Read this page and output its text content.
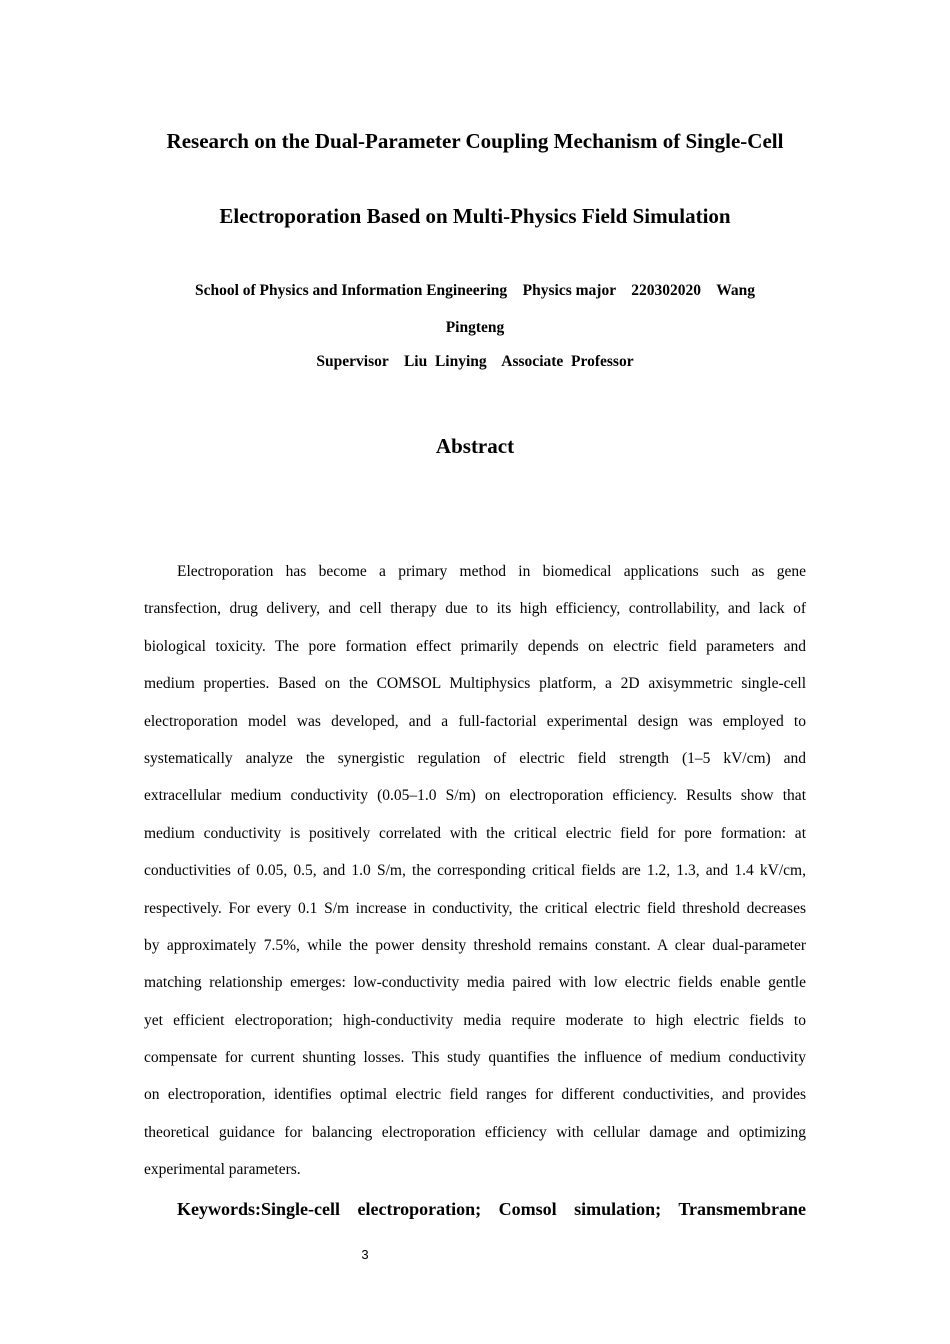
Research on the Dual-Parameter Coupling Mechanism of Single-Cell
Electroporation Based on Multi-Physics Field Simulation
School of Physics and Information Engineering    Physics major    220302020    Wang
Pingteng
Supervisor    Liu  Linying    Associate  Professor
Abstract
Electroporation has become a primary method in biomedical applications such as gene
transfection, drug delivery, and cell therapy due to its high efficiency, controllability, and lack of
biological toxicity. The pore formation effect primarily depends on electric field parameters and
medium properties. Based on the COMSOL Multiphysics platform, a 2D axisymmetric single-cell
electroporation model was developed, and a full-factorial experimental design was employed to
systematically analyze the synergistic regulation of electric field strength (1–5 kV/cm) and
extracellular medium conductivity (0.05–1.0 S/m) on electroporation efficiency. Results show that
medium conductivity is positively correlated with the critical electric field for pore formation: at
conductivities of 0.05, 0.5, and 1.0 S/m, the corresponding critical fields are 1.2, 1.3, and 1.4 kV/cm,
respectively. For every 0.1 S/m increase in conductivity, the critical electric field threshold decreases
by approximately 7.5%, while the power density threshold remains constant. A clear dual-parameter
matching relationship emerges: low-conductivity media paired with low electric fields enable gentle
yet efficient electroporation; high-conductivity media require moderate to high electric fields to
compensate for current shunting losses. This study quantifies the influence of medium conductivity
on electroporation, identifies optimal electric field ranges for different conductivities, and provides
theoretical guidance for balancing electroporation efficiency with cellular damage and optimizing
experimental parameters.
Keywords:Single-cell electroporation; Comsol simulation; Transmembrane
3
